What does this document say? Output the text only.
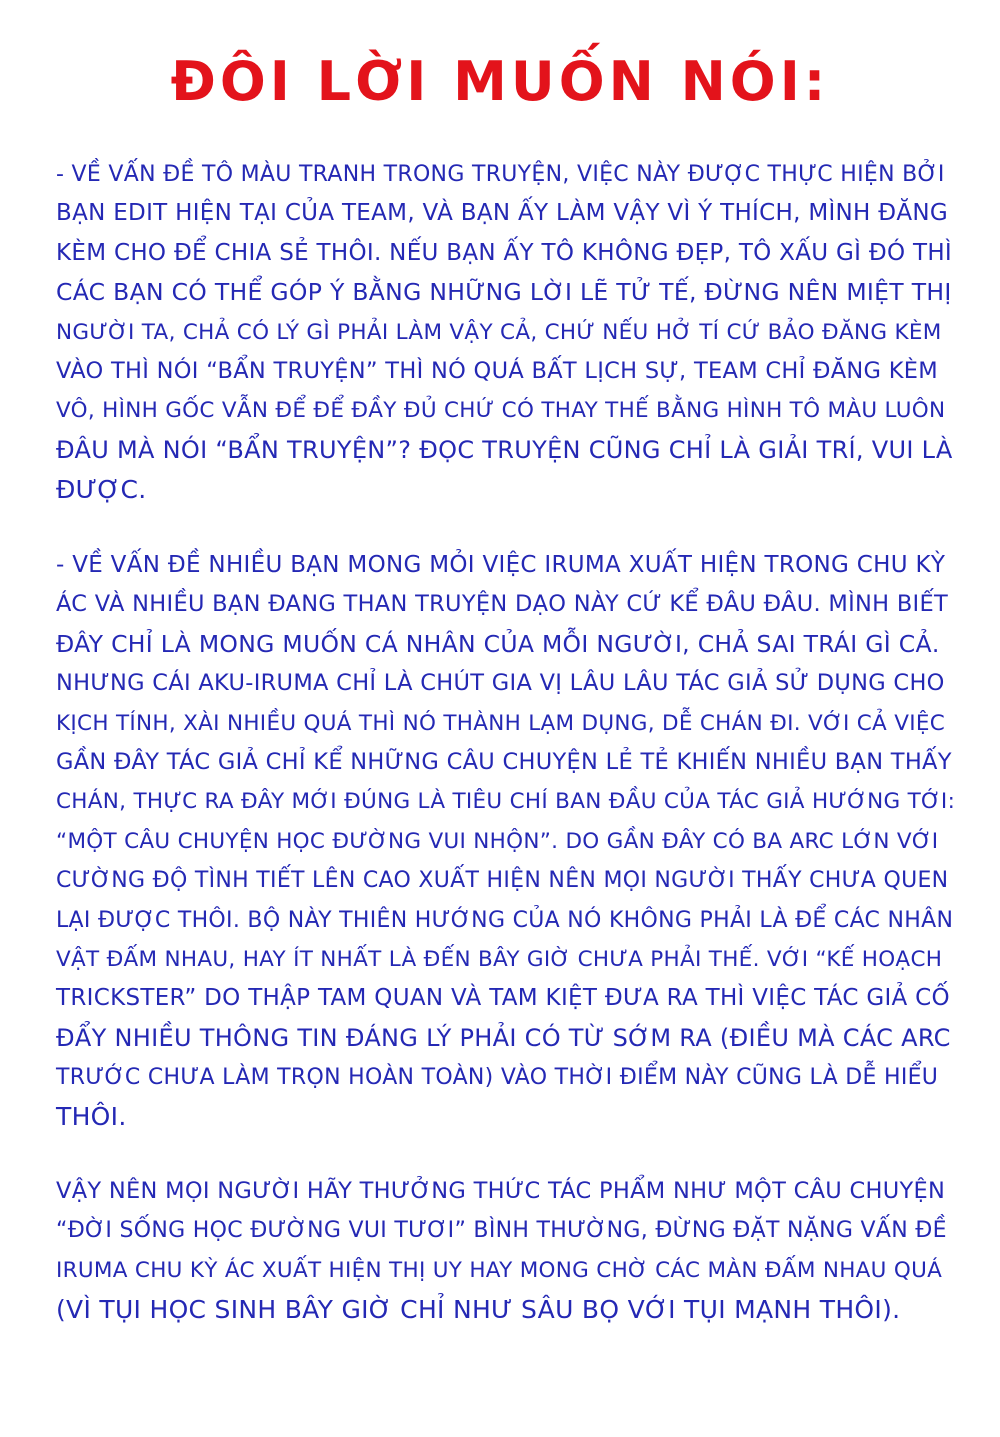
ĐÔI LỜI MUỐN NÓI:
- VỀ VẤN ĐỀ TÔ MÀU TRANH TRONG TRUYỆN, VIỆC NÀY ĐƯỢC THỰC HIỆN BỞI
BẠN EDIT HIỆN TẠI CỦA TEAM, VÀ BẠN ẤY LÀM VẬY VÌ Ý THÍCH, MÌNH ĐĂNG
KÈM CHO ĐỂ CHIA SẺ THÔI. NẾU BẠN ẤY TÔ KHÔNG ĐẸP, TÔ XẤU GÌ ĐÓ THÌ
CÁC BẠN CÓ THỂ GÓP Ý BẰNG NHỮNG LỜI LẼ TỬ TẾ, ĐỪNG NÊN MIỆT THỊ
NGƯỜI TA, CHẢ CÓ LÝ GÌ PHẢI LÀM VẬY CẢ, CHỨ NẾU HỞ TÍ CỨ BẢO ĐĂNG KÈM
VÀO THÌ NÓI “BẨN TRUYỆN” THÌ NÓ QUÁ BẤT LỊCH SỰ, TEAM CHỈ ĐĂNG KÈM
VÔ, HÌNH GỐC VẪN ĐỂ ĐỂ ĐẦY ĐỦ CHỨ CÓ THAY THẾ BẰNG HÌNH TÔ MÀU LUÔN
ĐÂU MÀ NÓI “BẨN TRUYỆN”? ĐỌC TRUYỆN CŨNG CHỈ LÀ GIẢI TRÍ, VUI LÀ
ĐƯỢC.
- VỀ VẤN ĐỀ NHIỀU BẠN MONG MỎI VIỆC IRUMA XUẤT HIỆN TRONG CHU KỲ
ÁC VÀ NHIỀU BẠN ĐANG THAN TRUYỆN DẠO NÀY CỨ KỂ ĐÂU ĐÂU. MÌNH BIẾT
ĐÂY CHỈ LÀ MONG MUỐN CÁ NHÂN CỦA MỖI NGƯỜI, CHẢ SAI TRÁI GÌ CẢ.
NHƯNG CÁI AKU-IRUMA CHỈ LÀ CHÚT GIA VỊ LÂU LÂU TÁC GIẢ SỬ DỤNG CHO
KỊCH TÍNH, XÀI NHIỀU QUÁ THÌ NÓ THÀNH LẠM DỤNG, DỄ CHÁN ĐI. VỚI CẢ VIỆC
GẦN ĐÂY TÁC GIẢ CHỈ KỂ NHỮNG CÂU CHUYỆN LẺ TẺ KHIẾN NHIỀU BẠN THẤY
CHÁN, THỰC RA ĐÂY MỚI ĐÚNG LÀ TIÊU CHÍ BAN ĐẦU CỦA TÁC GIẢ HƯỚNG TỚI:
“MỘT CÂU CHUYỆN HỌC ĐƯỜNG VUI NHỘN”. DO GẦN ĐÂY CÓ BA ARC LỚN VỚI
CƯỜNG ĐỘ TÌNH TIẾT LÊN CAO XUẤT HIỆN NÊN MỌI NGƯỜI THẤY CHƯA QUEN
LẠI ĐƯỢC THÔI. BỘ NÀY THIÊN HƯỚNG CỦA NÓ KHÔNG PHẢI LÀ ĐỂ CÁC NHÂN
VẬT ĐẤM NHAU, HAY ÍT NHẤT LÀ ĐẾN BÂY GIỜ CHƯA PHẢI THẾ. VỚI “KẾ HOẠCH
TRICKSTER” DO THẬP TAM QUAN VÀ TAM KIỆT ĐƯA RA THÌ VIỆC TÁC GIẢ CỐ
ĐẨY NHIỀU THÔNG TIN ĐÁNG LÝ PHẢI CÓ TỪ SỚM RA (ĐIỀU MÀ CÁC ARC
TRƯỚC CHƯA LÀM TRỌN HOÀN TOÀN) VÀO THỜI ĐIỂM NÀY CŨNG LÀ DỄ HIỂU
THÔI.
VẬY NÊN MỌI NGƯỜI HÃY THƯỞNG THỨC TÁC PHẨM NHƯ MỘT CÂU CHUYỆN
“ĐỜI SỐNG HỌC ĐƯỜNG VUI TƯƠI” BÌNH THƯỜNG, ĐỪNG ĐẶT NẶNG VẤN ĐỀ
IRUMA CHU KỲ ÁC XUẤT HIỆN THỊ UY HAY MONG CHỜ CÁC MÀN ĐẤM NHAU QUÁ
(VÌ TỤI HỌC SINH BÂY GIỜ CHỈ NHƯ SÂU BỌ VỚI TỤI MẠNH THÔI).
